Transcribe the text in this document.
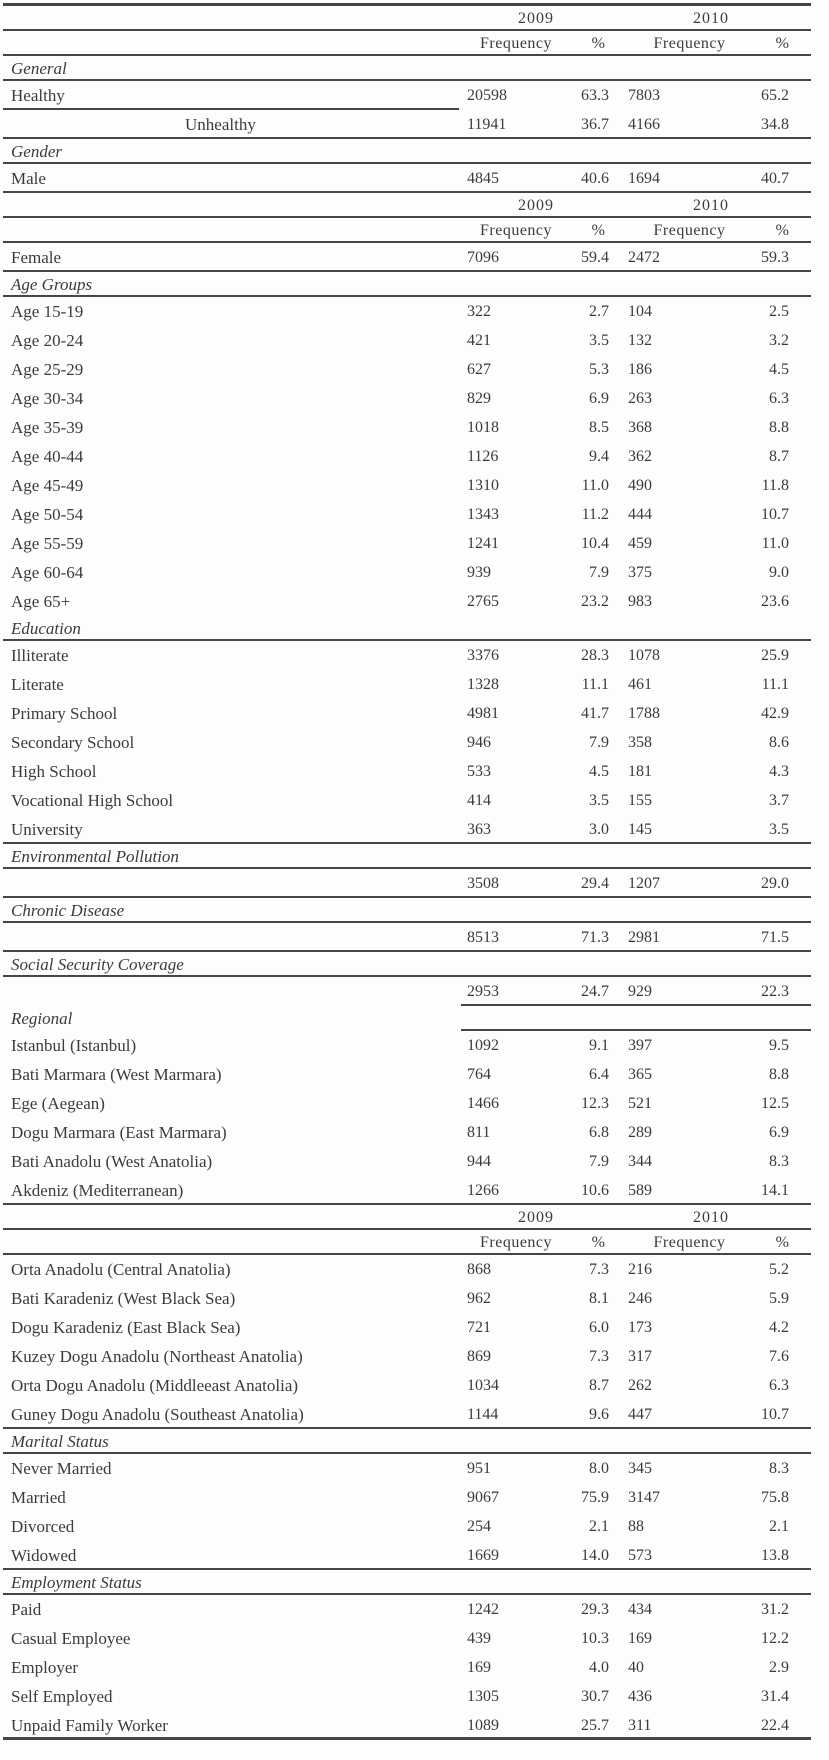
2009	2010
Frequency	%	Frequency	%
General
Healthy	20598	63.3	7803	65.2
Unhealthy	11941	36.7	4166	34.8
Gender
Male	4845	40.6	1694	40.7
2009	2010
Frequency	%	Frequency	%
Female	7096	59.4	2472	59.3
Age Groups
Age 15-19	322	2.7	104	2.5
Age 20-24	421	3.5	132	3.2
Age 25-29	627	5.3	186	4.5
Age 30-34	829	6.9	263	6.3
Age 35-39	1018	8.5	368	8.8
Age 40-44	1126	9.4	362	8.7
Age 45-49	1310	11.0	490	11.8
Age 50-54	1343	11.2	444	10.7
Age 55-59	1241	10.4	459	11.0
Age 60-64	939	7.9	375	9.0
Age 65+	2765	23.2	983	23.6
Education
Illiterate	3376	28.3	1078	25.9
Literate	1328	11.1	461	11.1
Primary School	4981	41.7	1788	42.9
Secondary School	946	7.9	358	8.6
High School	533	4.5	181	4.3
Vocational High School	414	3.5	155	3.7
University	363	3.0	145	3.5
Environmental Pollution
3508	29.4	1207	29.0
Chronic Disease
8513	71.3	2981	71.5
Social Security Coverage
2953	24.7	929	22.3
Regional
Istanbul (Istanbul)	1092	9.1	397	9.5
Bati Marmara (West Marmara)	764	6.4	365	8.8
Ege (Aegean)	1466	12.3	521	12.5
Dogu Marmara (East Marmara)	811	6.8	289	6.9
Bati Anadolu (West Anatolia)	944	7.9	344	8.3
Akdeniz (Mediterranean)	1266	10.6	589	14.1
2009	2010
Frequency	%	Frequency	%
Orta Anadolu (Central Anatolia)	868	7.3	216	5.2
Bati Karadeniz (West Black Sea)	962	8.1	246	5.9
Dogu Karadeniz (East Black Sea)	721	6.0	173	4.2
Kuzey Dogu Anadolu (Northeast Anatolia)	869	7.3	317	7.6
Orta Dogu Anadolu (Middleeast Anatolia)	1034	8.7	262	6.3
Guney Dogu Anadolu (Southeast Anatolia)	1144	9.6	447	10.7
Marital Status
Never Married	951	8.0	345	8.3
Married	9067	75.9	3147	75.8
Divorced	254	2.1	88	2.1
Widowed	1669	14.0	573	13.8
Employment Status
Paid	1242	29.3	434	31.2
Casual Employee	439	10.3	169	12.2
Employer	169	4.0	40	2.9
Self Employed	1305	30.7	436	31.4
Unpaid Family Worker	1089	25.7	311	22.4
